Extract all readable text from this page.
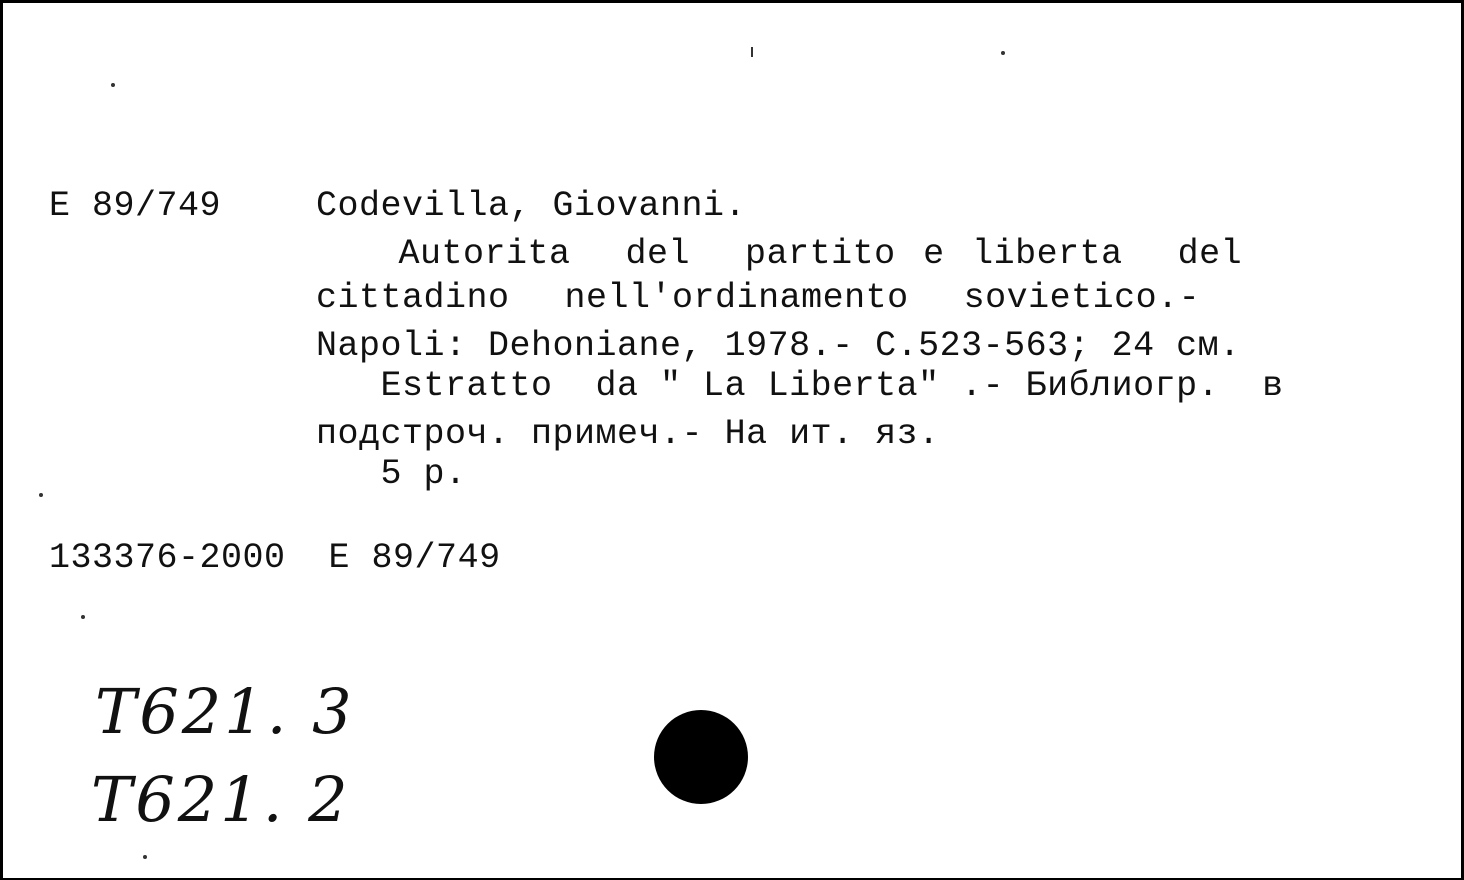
E 89/749	Codevilla, Giovanni.
Autorita  del  partito e liberta  del
cittadino  nell'ordinamento  sovietico.-
Napoli: Dehoniane, 1978.- C.523-563; 24 см.
Estratto  da " La Liberta" .- Библиогр.  в
подстроч. примеч.- На ит. яз.
5 p.
133376-2000  E 89/749
T621. 3
T621. 2
